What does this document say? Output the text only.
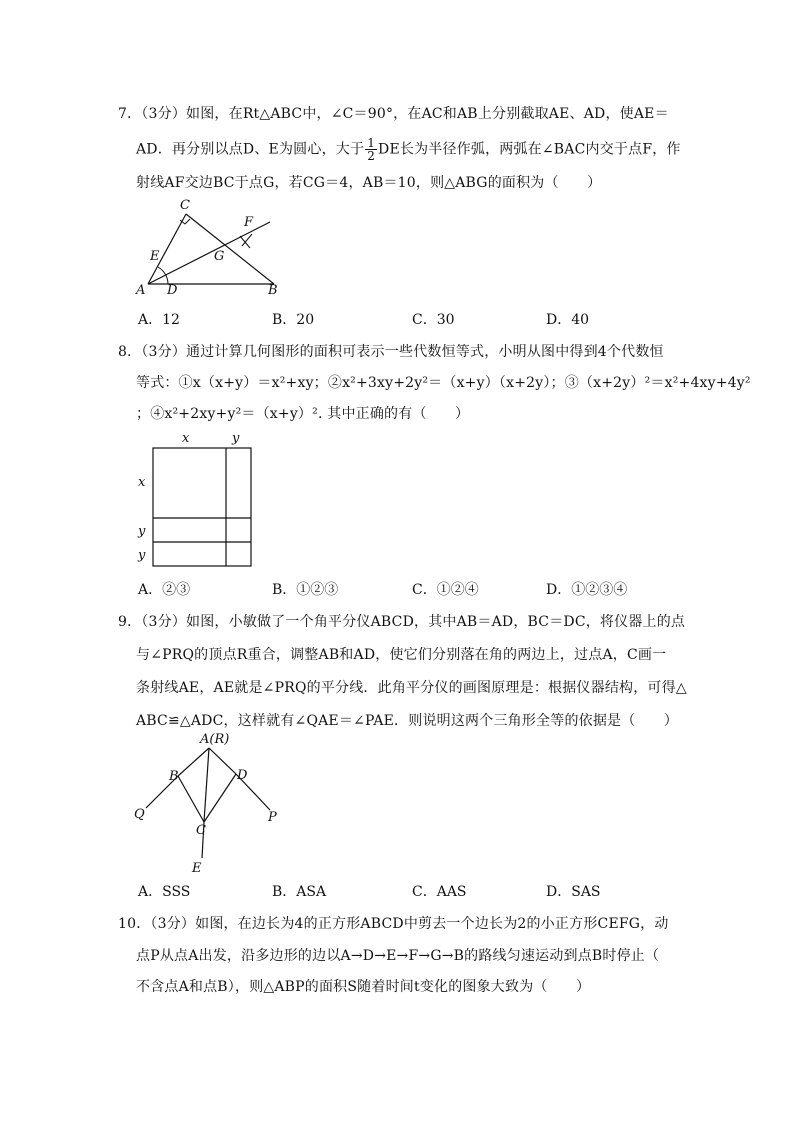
7．（3分）如图，在Rt△ABC中，∠C＝90°，在AC和AB上分别截取AE、AD，使AE＝
AD．再分别以点D、E为圆心，大于 $\frac{1}{2}$ DE长为半径作弧，两弧在∠BAC内交于点F，作
射线AF交边BC于点G，若CG＝4，AB＝10，则△ABG的面积为（　　）
A D	B
C
E
F
G
A．12	B．20	C．30	D．40
8．（3分）通过计算几何图形的面积可表示一些代数恒等式，小明从图中得到4个代数恒
等式：①x（x+y）＝x²+xy；②x²+3xy+2y²＝（x+y）（x+2y）；③（x+2y）²＝x²+4xy+4y²
；④x²+2xy+y²＝（x+y）². 其中正确的有（　　）
x	y
x
y
y
A．②③	B．①②③	C．①②④	D．①②③④
9．（3分）如图，小敏做了一个角平分仪ABCD，其中AB＝AD，BC＝DC，将仪器上的点
与∠PRQ的顶点R重合，调整AB和AD，使它们分别落在角的两边上，过点A，C画一
条射线AE，AE就是∠PRQ的平分线．此角平分仪的画图原理是：根据仪器结构，可得△
ABC≌△ADC，这样就有∠QAE＝∠PAE．则说明这两个三角形全等的依据是（　　）
A(R)
B	D
Q	P
C
E
A．SSS	B．ASA	C．AAS	D．SAS
10．（3分）如图，在边长为4的正方形ABCD中剪去一个边长为2的小正方形CEFG，动
点P从点A出发，沿多边形的边以A→D→E→F→G→B的路线匀速运动到点B时停止（
不含点A和点B），则△ABP的面积S随着时间t变化的图象大致为（　　）
